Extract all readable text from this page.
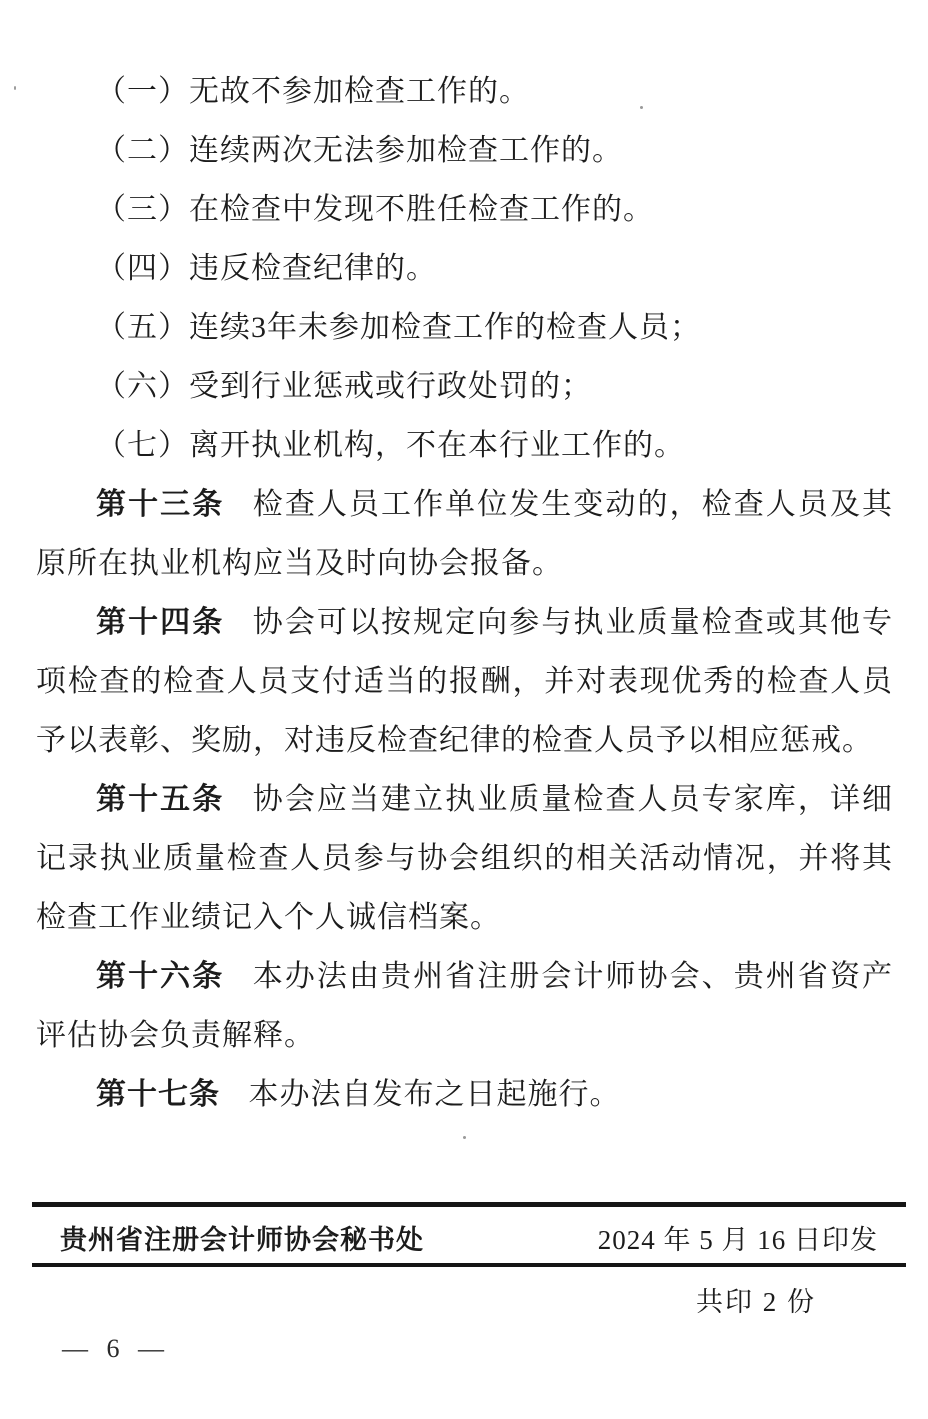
（一）无故不参加检查工作的。

（二）连续两次无法参加检查工作的。

（三）在检查中发现不胜任检查工作的。

（四）违反检查纪律的。

（五）连续3年未参加检查工作的检查人员；

（六）受到行业惩戒或行政处罚的；

（七）离开执业机构，不在本行业工作的。

第十三条 检查人员工作单位发生变动的，检查人员及其原所在执业机构应当及时向协会报备。

第十四条 协会可以按规定向参与执业质量检查或其他专项检查的检查人员支付适当的报酬，并对表现优秀的检查人员予以表彰、奖励，对违反检查纪律的检查人员予以相应惩戒。

第十五条 协会应当建立执业质量检查人员专家库，详细记录执业质量检查人员参与协会组织的相关活动情况，并将其检查工作业绩记入个人诚信档案。

第十六条 本办法由贵州省注册会计师协会、贵州省资产评估协会负责解释。

第十七条 本办法自发布之日起施行。

贵州省注册会计师协会秘书处	2024 年 5 月 16 日印发
共印 2 份
— 6 —
